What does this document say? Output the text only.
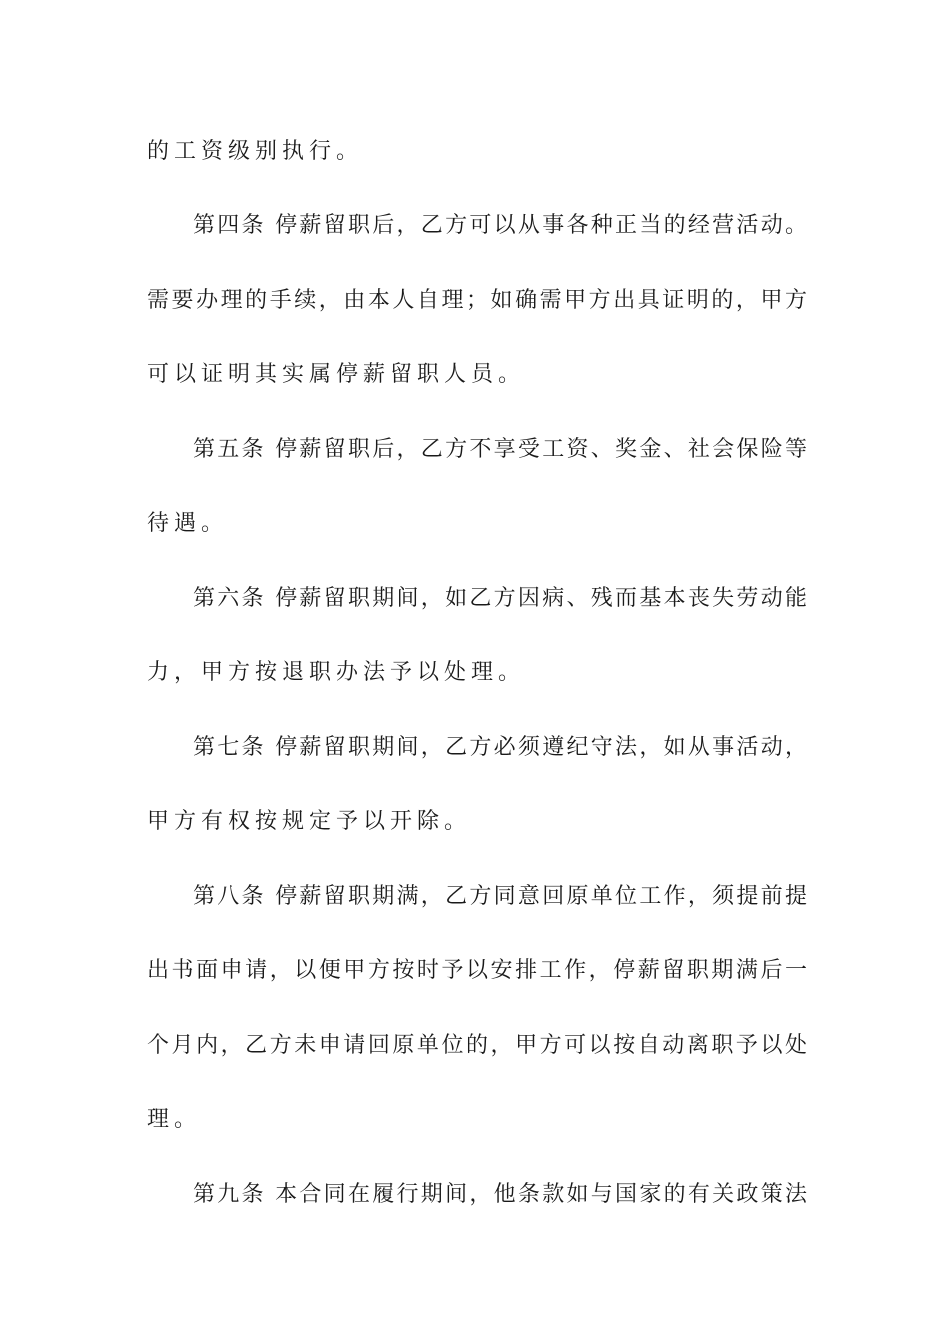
的工资级别执行。
第四条 停薪留职后，乙方可以从事各种正当的经营活动。
需要办理的手续，由本人自理；如确需甲方出具证明的，甲方
可以证明其实属停薪留职人员。
第五条 停薪留职后，乙方不享受工资、奖金、社会保险等
待遇。
第六条 停薪留职期间，如乙方因病、残而基本丧失劳动能
力，甲方按退职办法予以处理。
第七条 停薪留职期间，乙方必须遵纪守法，如从事活动，
甲方有权按规定予以开除。
第八条 停薪留职期满，乙方同意回原单位工作，须提前提
出书面申请，以便甲方按时予以安排工作，停薪留职期满后一
个月内，乙方未申请回原单位的，甲方可以按自动离职予以处
理。
第九条 本合同在履行期间，他条款如与国家的有关政策法
